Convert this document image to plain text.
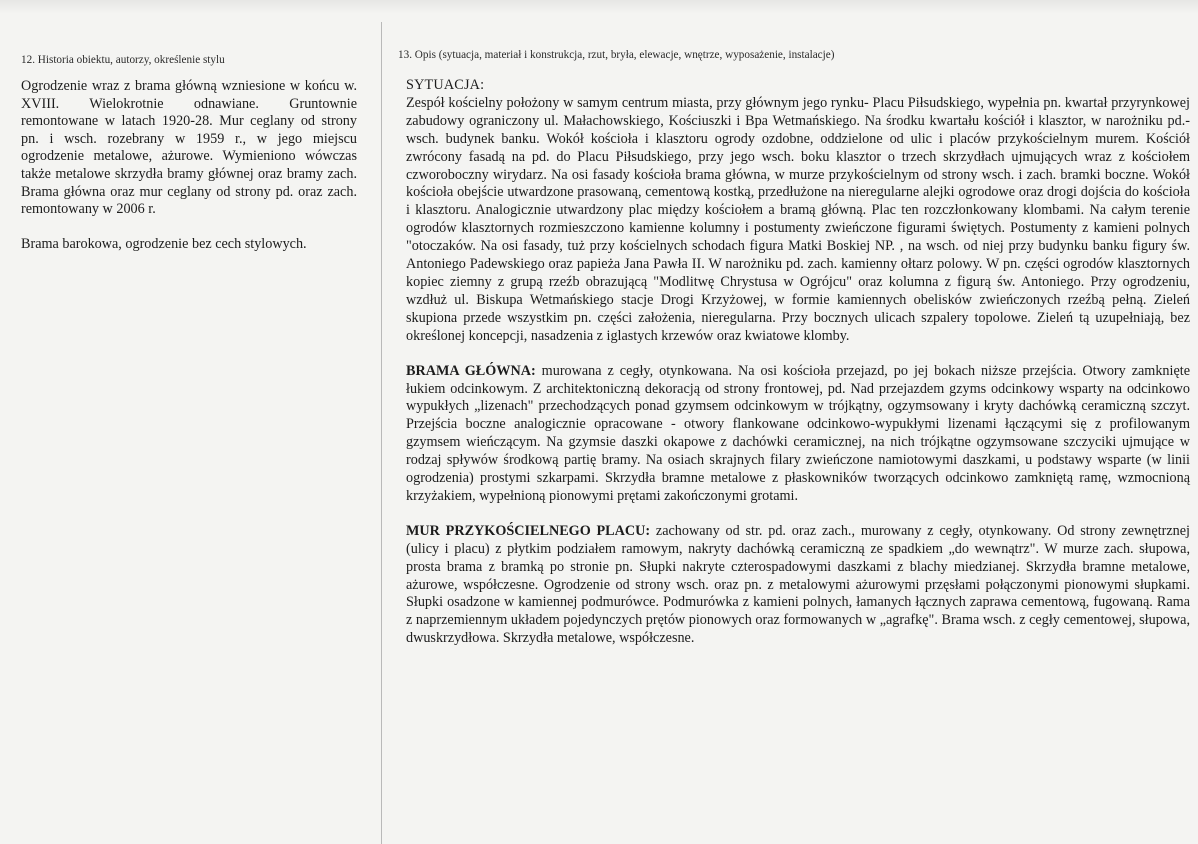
12. Historia obiektu, autorzy, określenie stylu

Ogrodzenie wraz z brama główną wzniesione w końcu w. XVIII. Wielokrotnie odnawiane. Gruntownie remontowane w latach 1920-28. Mur ceglany od strony pn. i wsch. rozebrany w 1959 r., w jego miejscu ogrodzenie metalowe, ażurowe. Wymieniono wówczas także metalowe skrzydła bramy głównej oraz bramy zach. Brama główna oraz mur ceglany od strony pd. oraz zach. remontowany w 2006 r.

Brama barokowa, ogrodzenie bez cech stylowych.

13. Opis (sytuacja, materiał i konstrukcja, rzut, bryła, elewacje, wnętrze, wyposażenie, instalacje)
SYTUACJA:

Zespół kościelny położony w samym centrum miasta, przy głównym jego rynku- Placu Piłsudskiego, wypełnia pn. kwartał przyrynkowej zabudowy ograniczony ul. Małachowskiego, Kościuszki i Bpa Wetmańskiego. Na środku kwartału kościół i klasztor, w narożniku pd.-wsch. budynek banku. Wokół kościoła i klasztoru ogrody ozdobne, oddzielone od ulic i placów przykościelnym murem. Kościół zwrócony fasadą na pd. do Placu Piłsudskiego, przy jego wsch. boku klasztor o trzech skrzydłach ujmujących wraz z kościołem czworoboczny wirydarz. Na osi fasady kościoła brama główna, w murze przykościelnym od strony wsch. i zach. bramki boczne. Wokół kościoła obejście utwardzone prasowaną, cementową kostką, przedłużone na nieregularne alejki ogrodowe oraz drogi dojścia do kościoła i klasztoru. Analogicznie utwardzony plac między kościołem a bramą główną. Plac ten rozczłonkowany klombami. Na całym terenie ogrodów klasztornych rozmieszczono kamienne kolumny i postumenty zwieńczone figurami świętych. Postumenty z kamieni polnych "otoczaków. Na osi fasady, tuż przy kościelnych schodach figura Matki Boskiej NP. , na wsch. od niej przy budynku banku figury św. Antoniego Padewskiego oraz papieża Jana Pawła II. W narożniku pd. zach. kamienny ołtarz polowy. W pn. części ogrodów klasztornych kopiec ziemny z grupą rzeźb obrazującą "Modlitwę Chrystusa w Ogrójcu" oraz kolumna z figurą św. Antoniego. Przy ogrodzeniu, wzdłuż ul. Biskupa Wetmańskiego stacje Drogi Krzyżowej, w formie kamiennych obelisków zwieńczonych rzeźbą pełną. Zieleń skupiona przede wszystkim pn. części założenia, nieregularna. Przy bocznych ulicach szpalery topolowe. Zieleń tą uzupełniają, bez określonej koncepcji, nasadzenia z iglastych krzewów oraz kwiatowe klomby.

BRAMA GŁÓWNA: murowana z cegły, otynkowana. Na osi kościoła przejazd, po jej bokach niższe przejścia. Otwory zamknięte łukiem odcinkowym. Z architektoniczną dekoracją od strony frontowej, pd. Nad przejazdem gzyms odcinkowy wsparty na odcinkowo wypukłych „lizenach" przechodzących ponad gzymsem odcinkowym w trójkątny, ogzymsowany i kryty dachówką ceramiczną szczyt. Przejścia boczne analogicznie opracowane - otwory flankowane odcinkowo-wypukłymi lizenami łączącymi się z profilowanym gzymsem wieńczącym. Na gzymsie daszki okapowe z dachówki ceramicznej, na nich trójkątne ogzymsowane szczyciki ujmujące w rodzaj spływów środkową partię bramy. Na osiach skrajnych filary zwieńczone namiotowymi daszkami, u podstawy wsparte (w linii ogrodzenia) prostymi szkarpami. Skrzydła bramne metalowe z płaskowników tworzących odcinkowo zamkniętą ramę, wzmocnioną krzyżakiem, wypełnioną pionowymi prętami zakończonymi grotami.

MUR PRZYKOŚCIELNEGO PLACU: zachowany od str. pd. oraz zach., murowany z cegły, otynkowany. Od strony zewnętrznej (ulicy i placu) z płytkim podziałem ramowym, nakryty dachówką ceramiczną ze spadkiem „do wewnątrz". W murze zach. słupowa, prosta brama z bramką po stronie pn. Słupki nakryte czterospadowymi daszkami z blachy miedzianej. Skrzydła bramne metalowe, ażurowe, współczesne. Ogrodzenie od strony wsch. oraz pn. z metalowymi ażurowymi przęsłami połączonymi pionowymi słupkami. Słupki osadzone w kamiennej podmurówce. Podmurówka z kamieni polnych, łamanych łącznych zaprawa cementową, fugowaną. Rama z naprzemiennym układem pojedynczych prętów pionowych oraz formowanych w „agrafkę". Brama wsch. z cegły cementowej, słupowa, dwuskrzydłowa. Skrzydła metalowe, współczesne.
